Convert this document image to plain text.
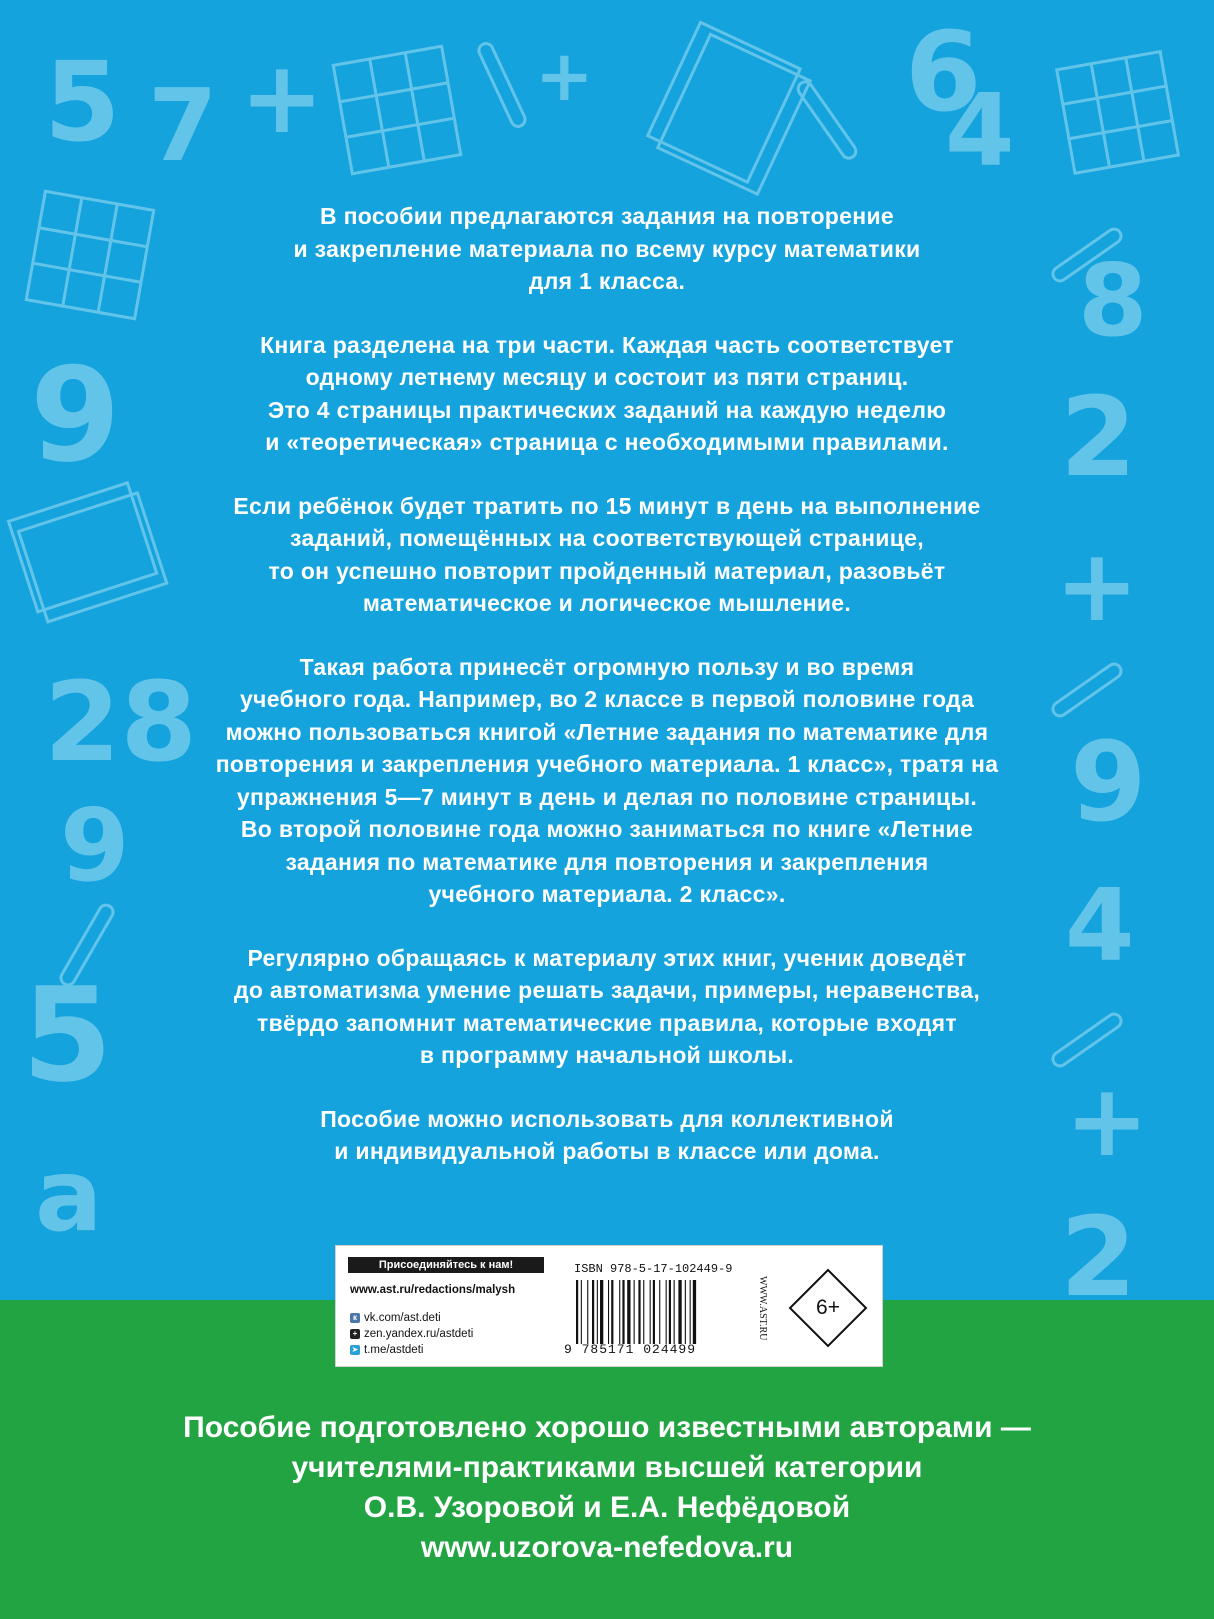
5 7 +	+	6
4
8
2
+
9
28
9	9
4
5
+
a	2

В пособии предлагаются задания на повторение
и закрепление материала по всему курсу математики
для 1 класса.

Книга разделена на три части. Каждая часть соответствует
одному летнему месяцу и состоит из пяти страниц.
Это 4 страницы практических заданий на каждую неделю
и «теоретическая» страница с необходимыми правилами.

Если ребёнок будет тратить по 15 минут в день на выполнение
заданий, помещённых на соответствующей странице,
то он успешно повторит пройденный материал, разовьёт
математическое и логическое мышление.

Такая работа принесёт огромную пользу и во время
учебного года. Например, во 2 классе в первой половине года
можно пользоваться книгой «Летние задания по математике для
повторения и закрепления учебного материала. 1 класс», тратя на
упражнения 5—7 минут в день и делая по половине страницы.
Во второй половине года можно заниматься по книге «Летние
задания по математике для повторения и закрепления
учебного материала. 2 класс».

Регулярно обращаясь к материалу этих книг, ученик доведёт
до автоматизма умение решать задачи, примеры, неравенства,
твёрдо запомнит математические правила, которые входят
в программу начальной школы.

Пособие можно использовать для коллективной
и индивидуальной работы в классе или дома.

Присоединяйтесь к нам!
www.ast.ru/redactions/malysh
к vk.com/ast.deti
+ zen.yandex.ru/astdeti
➤ t.me/astdeti
ISBN 978-5-17-102449-9
9 785171 024499
WWW.AST.RU	6+
Пособие подготовлено хорошо известными авторами —
учителями-практиками высшей категории
О.В. Узоровой и Е.А. Нефёдовой
www.uzorova-nefedova.ru
